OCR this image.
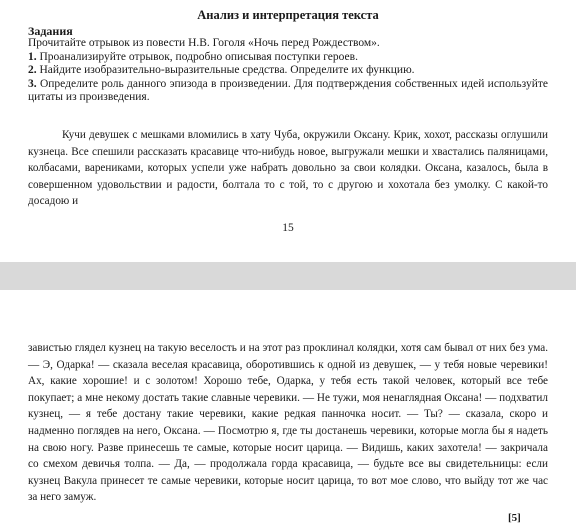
Анализ и интерпретация текста
Задания
Прочитайте отрывок из повести Н.В. Гоголя «Ночь перед Рождеством».
1. Проанализируйте отрывок, подробно описывая поступки героев.
2. Найдите изобразительно-выразительные средства. Определите их функцию.
3. Определите роль данного эпизода в произведении. Для подтверждения собственных идей используйте цитаты из произведения.

Кучи девушек с мешками вломились в хату Чуба, окружили Оксану. Крик, хохот, рассказы оглушили кузнеца. Все спешили рассказать красавице что-нибудь новое, выгружали мешки и хвастались паляницами, колбасами, варениками, которых успели уже набрать довольно за свои колядки. Оксана, казалось, была в совершенном удовольствии и радости, болтала то с той, то с другою и хохотала без умолку. С какой-то досадою и

15

завистью глядел кузнец на такую веселость и на этот раз проклинал колядки, хотя сам бывал от них без ума. — Э, Одарка! — сказала веселая красавица, оборотившись к одной из девушек, — у тебя новые черевики! Ах, какие хорошие! и с золотом! Хорошо тебе, Одарка, у тебя есть такой человек, который все тебе покупает; а мне некому достать такие славные черевики. — Не тужи, моя ненаглядная Оксана! — подхватил кузнец, — я тебе достану такие черевики, какие редкая панночка носит. — Ты? — сказала, скоро и надменно поглядев на него, Оксана. — Посмотрю я, где ты достанешь черевики, которые могла бы я надеть на свою ногу. Разве принесешь те самые, которые носит царица. — Видишь, каких захотела! — закричала со смехом девичья толпа. — Да, — продолжала горда красавица, — будьте все вы свидетельницы: если кузнец Вакула принесет те самые черевики, которые носит царица, то вот мое слово, что выйду тот же час за него замуж.

[5]
